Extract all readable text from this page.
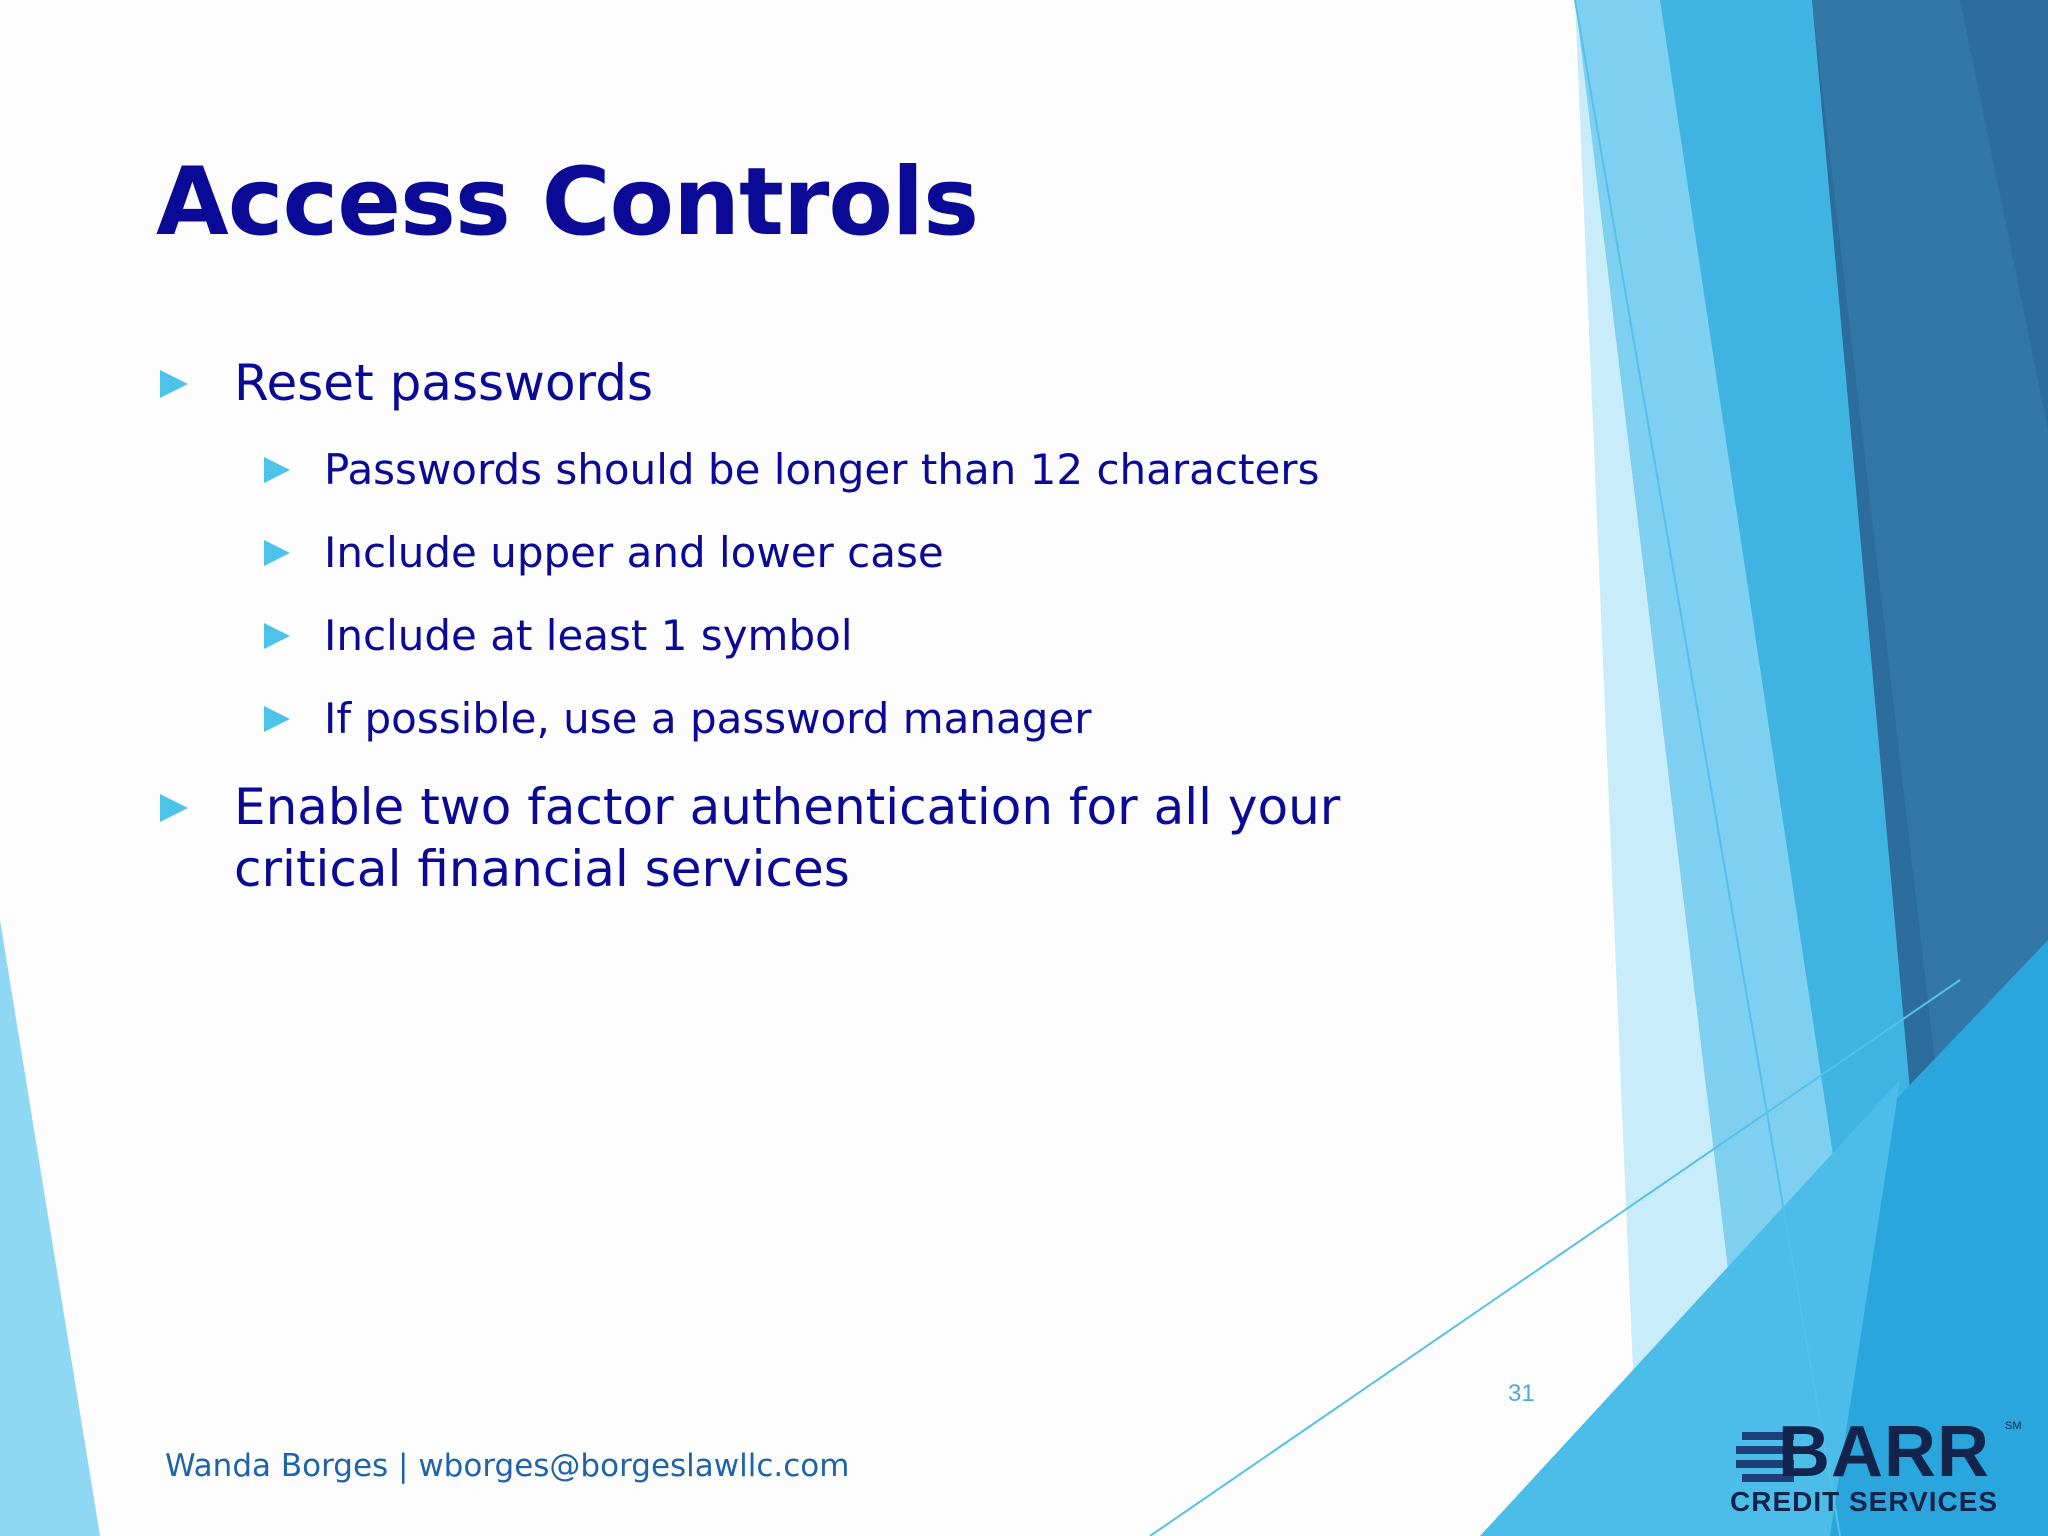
Access Controls
Reset passwords
Passwords should be longer than 12 characters
Include upper and lower case
Include at least 1 symbol
If possible, use a password manager
Enable two factor authentication for all your critical financial services
31
Wanda Borges | wborges@borgeslawllc.com	BARR SM
CREDIT SERVICES
